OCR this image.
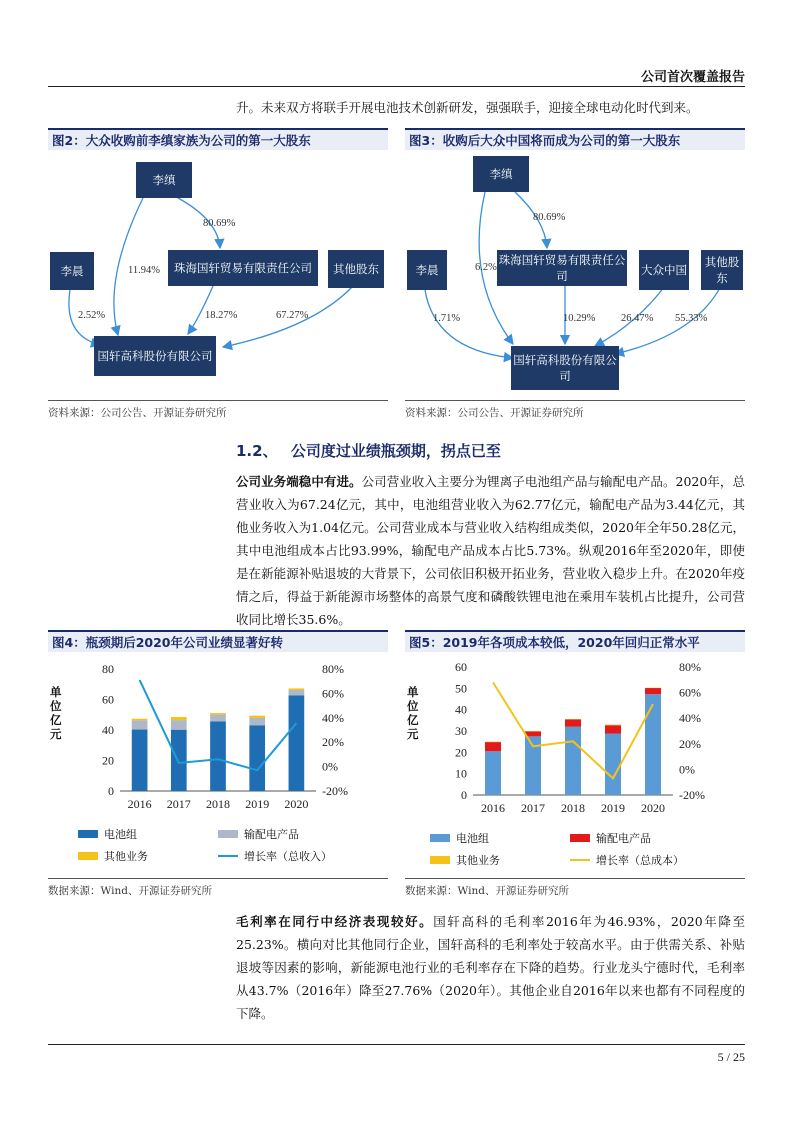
公司首次覆盖报告
升。未来双方将联手开展电池技术创新研发，强强联手，迎接全球电动化时代到来。
图2：大众收购前李缜家族为公司的第一大股东
李缜
李晨	珠海国轩贸易有限责任公司	其他股东
国轩高科股份有限公司
80.69%
11.94%
2.52%	18.27%	67.27%
资料来源：公司公告、开源证券研究所
图3：收购后大众中国将而成为公司的第一大股东
李缜
李晨
珠海国轩贸易有限责任公司	大众中国
其他股东
国轩高科股份有限公司
80.69%
6.2%
1.71%	10.29% 26.47% 55.33%
资料来源：公司公告、开源证券研究所
1.2、 公司度过业绩瓶颈期，拐点已至
公司业务端稳中有进。公司营业收入主要分为锂离子电池组产品与输配电产品。2020年，总营业收入为67.24亿元，其中，电池组营业收入为62.77亿元，输配电产品为3.44亿元，其他业务收入为1.04亿元。公司营业成本与营业收入结构组成类似，2020年全年50.28亿元，其中电池组成本占比93.99%，输配电产品成本占比5.73%。纵观2016年至2020年，即使是在新能源补贴退坡的大背景下，公司依旧积极开拓业务，营业收入稳步上升。在2020年疫情之后，得益于新能源市场整体的高景气度和磷酸铁锂电池在乘用车装机占比提升，公司营收同比增长35.6%。
图4：瓶颈期后2020年公司业绩显著好转
0
20
40
60
80
-20%
0%
20%
40%
60%
80%
2016 2017 2018 2019 2020
单位亿元
电池组	输配电产品
其他业务	增长率（总收入）
数据来源：Wind、开源证券研究所
图5：2019年各项成本较低，2020年回归正常水平
0
10
20
30
40
50
60
-20%
0%
20%
40%
60%
80%
2016 2017 2018 2019 2020
单位亿元
电池组	输配电产品
其他业务	增长率（总成本）
数据来源：Wind、开源证券研究所
毛利率在同行中经济表现较好。国轩高科的毛利率2016年为46.93%，2020年降至25.23%。横向对比其他同行企业，国轩高科的毛利率处于较高水平。由于供需关系、补贴退坡等因素的影响，新能源电池行业的毛利率存在下降的趋势。行业龙头宁德时代，毛利率从43.7%（2016年）降至27.76%（2020年）。其他企业自2016年以来也都有不同程度的下降。
5 / 25
